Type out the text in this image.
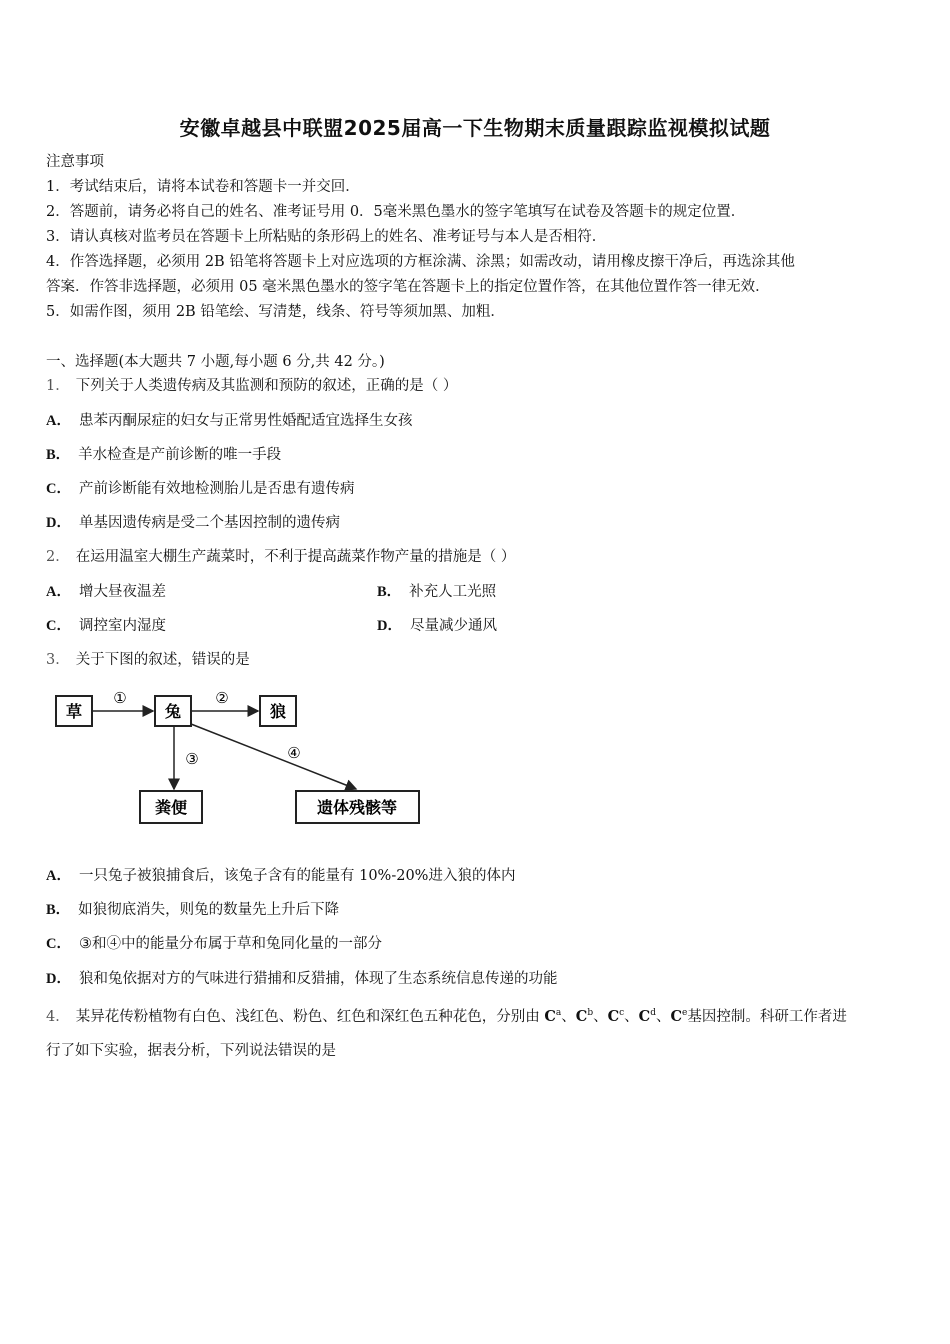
安徽卓越县中联盟2025届高一下生物期末质量跟踪监视模拟试题
注意事项
1．考试结束后，请将本试卷和答题卡一并交回．
2．答题前，请务必将自己的姓名、准考证号用 0．5毫米黑色墨水的签字笔填写在试卷及答题卡的规定位置．
3．请认真核对监考员在答题卡上所粘贴的条形码上的姓名、准考证号与本人是否相符．
4．作答选择题，必须用 2B 铅笔将答题卡上对应选项的方框涂满、涂黑；如需改动，请用橡皮擦干净后，再选涂其他
答案．作答非选择题，必须用 05 毫米黑色墨水的签字笔在答题卡上的指定位置作答，在其他位置作答一律无效．
5．如需作图，须用 2B 铅笔绘、写清楚，线条、符号等须加黑、加粗．
一、选择题(本大题共 7 小题,每小题 6 分,共 42 分。)
1． 下列关于人类遗传病及其监测和预防的叙述，正确的是（ ）
A． 患苯丙酮尿症的妇女与正常男性婚配适宜选择生女孩
B． 羊水检查是产前诊断的唯一手段
C． 产前诊断能有效地检测胎儿是否患有遗传病
D． 单基因遗传病是受二个基因控制的遗传病
2． 在运用温室大棚生产蔬菜时，不利于提高蔬菜作物产量的措施是（ ）
A． 增大昼夜温差	B． 补充人工光照
C． 调控室内湿度	D． 尽量减少通风
3． 关于下图的叙述，错误的是
草	兔	狼
粪便	遗体残骸等
①	②
③	④
A． 一只兔子被狼捕食后，该兔子含有的能量有 10%-20%进入狼的体内
B． 如狼彻底消失，则兔的数量先上升后下降
C． ③和④中的能量分布属于草和兔同化量的一部分
D． 狼和兔依据对方的气味进行猎捕和反猎捕，体现了生态系统信息传递的功能
4． 某异花传粉植物有白色、浅红色、粉色、红色和深红色五种花色，分别由 $C^a$、$C^b$、$C^c$、$C^d$、Ce基因控制。科研工作者进
行了如下实验，据表分析，下列说法错误的是
